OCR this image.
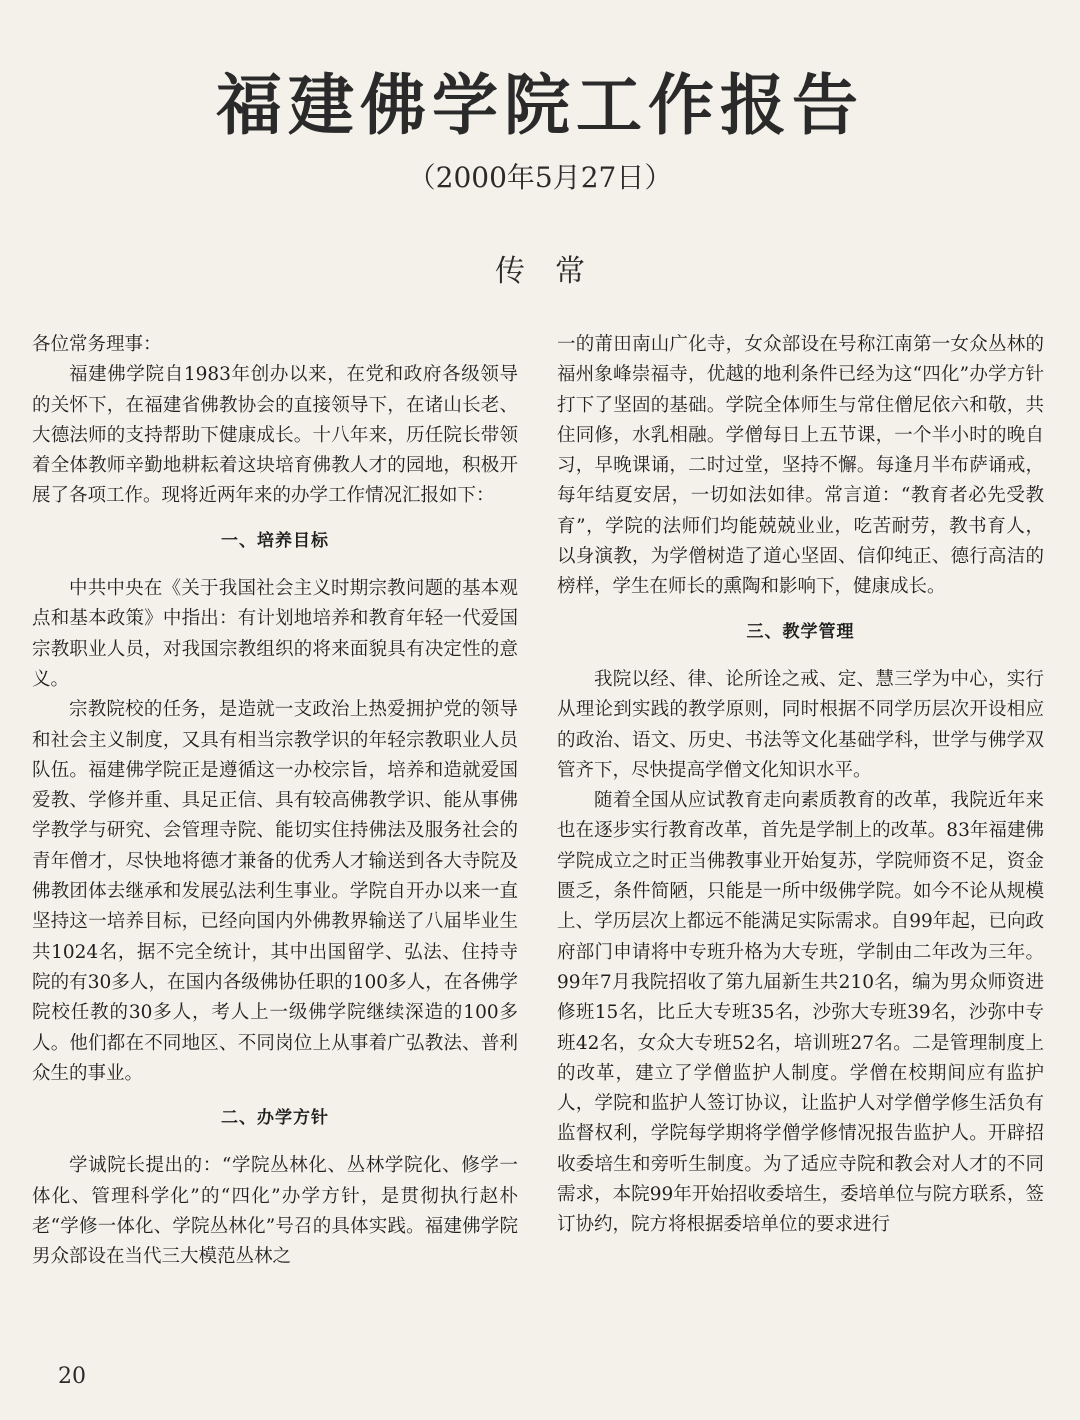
福建佛学院工作报告
（2000年5月27日）
传常

各位常务理事：

福建佛学院自1983年创办以来，在党和政府各级领导的关怀下，在福建省佛教协会的直接领导下，在诸山长老、大德法师的支持帮助下健康成长。十八年来，历任院长带领着全体教师辛勤地耕耘着这块培育佛教人才的园地，积极开展了各项工作。现将近两年来的办学工作情况汇报如下：

一、培养目标

中共中央在《关于我国社会主义时期宗教问题的基本观点和基本政策》中指出：有计划地培养和教育年轻一代爱国宗教职业人员，对我国宗教组织的将来面貌具有决定性的意义。

宗教院校的任务，是造就一支政治上热爱拥护党的领导和社会主义制度，又具有相当宗教学识的年轻宗教职业人员队伍。福建佛学院正是遵循这一办校宗旨，培养和造就爱国爱教、学修并重、具足正信、具有较高佛教学识、能从事佛学教学与研究、会管理寺院、能切实住持佛法及服务社会的青年僧才，尽快地将德才兼备的优秀人才输送到各大寺院及佛教团体去继承和发展弘法利生事业。学院自开办以来一直坚持这一培养目标，已经向国内外佛教界输送了八届毕业生共1024名，据不完全统计，其中出国留学、弘法、住持寺院的有30多人，在国内各级佛协任职的100多人，在各佛学院校任教的30多人，考人上一级佛学院继续深造的100多人。他们都在不同地区、不同岗位上从事着广弘教法、普利众生的事业。

二、办学方针

学诚院长提出的：“学院丛林化、丛林学院化、修学一体化、管理科学化”的“四化”办学方针，是贯彻执行赵朴老“学修一体化、学院丛林化”号召的具体实践。福建佛学院男众部设在当代三大模范丛林之

一的莆田南山广化寺，女众部设在号称江南第一女众丛林的福州象峰崇福寺，优越的地利条件已经为这“四化”办学方针打下了坚固的基础。学院全体师生与常住僧尼依六和敬，共住同修，水乳相融。学僧每日上五节课，一个半小时的晚自习，早晚课诵，二时过堂，坚持不懈。每逢月半布萨诵戒，每年结夏安居，一切如法如律。常言道：“教育者必先受教育”，学院的法师们均能兢兢业业，吃苦耐劳，教书育人，以身演教，为学僧树造了道心坚固、信仰纯正、德行高洁的榜样，学生在师长的熏陶和影响下，健康成长。

三、教学管理

我院以经、律、论所诠之戒、定、慧三学为中心，实行从理论到实践的教学原则，同时根据不同学历层次开设相应的政治、语文、历史、书法等文化基础学科，世学与佛学双管齐下，尽快提高学僧文化知识水平。

随着全国从应试教育走向素质教育的改革，我院近年来也在逐步实行教育改革，首先是学制上的改革。83年福建佛学院成立之时正当佛教事业开始复苏，学院师资不足，资金匮乏，条件简陋，只能是一所中级佛学院。如今不论从规模上、学历层次上都远不能满足实际需求。自99年起，已向政府部门申请将中专班升格为大专班，学制由二年改为三年。99年7月我院招收了第九届新生共210名，编为男众师资进修班15名，比丘大专班35名，沙弥大专班39名，沙弥中专班42名，女众大专班52名，培训班27名。二是管理制度上的改革，建立了学僧监护人制度。学僧在校期间应有监护人，学院和监护人签订协议，让监护人对学僧学修生活负有监督权利，学院每学期将学僧学修情况报告监护人。开辟招收委培生和旁听生制度。为了适应寺院和教会对人才的不同需求，本院99年开始招收委培生，委培单位与院方联系，签订协约，院方将根据委培单位的要求进行

20
